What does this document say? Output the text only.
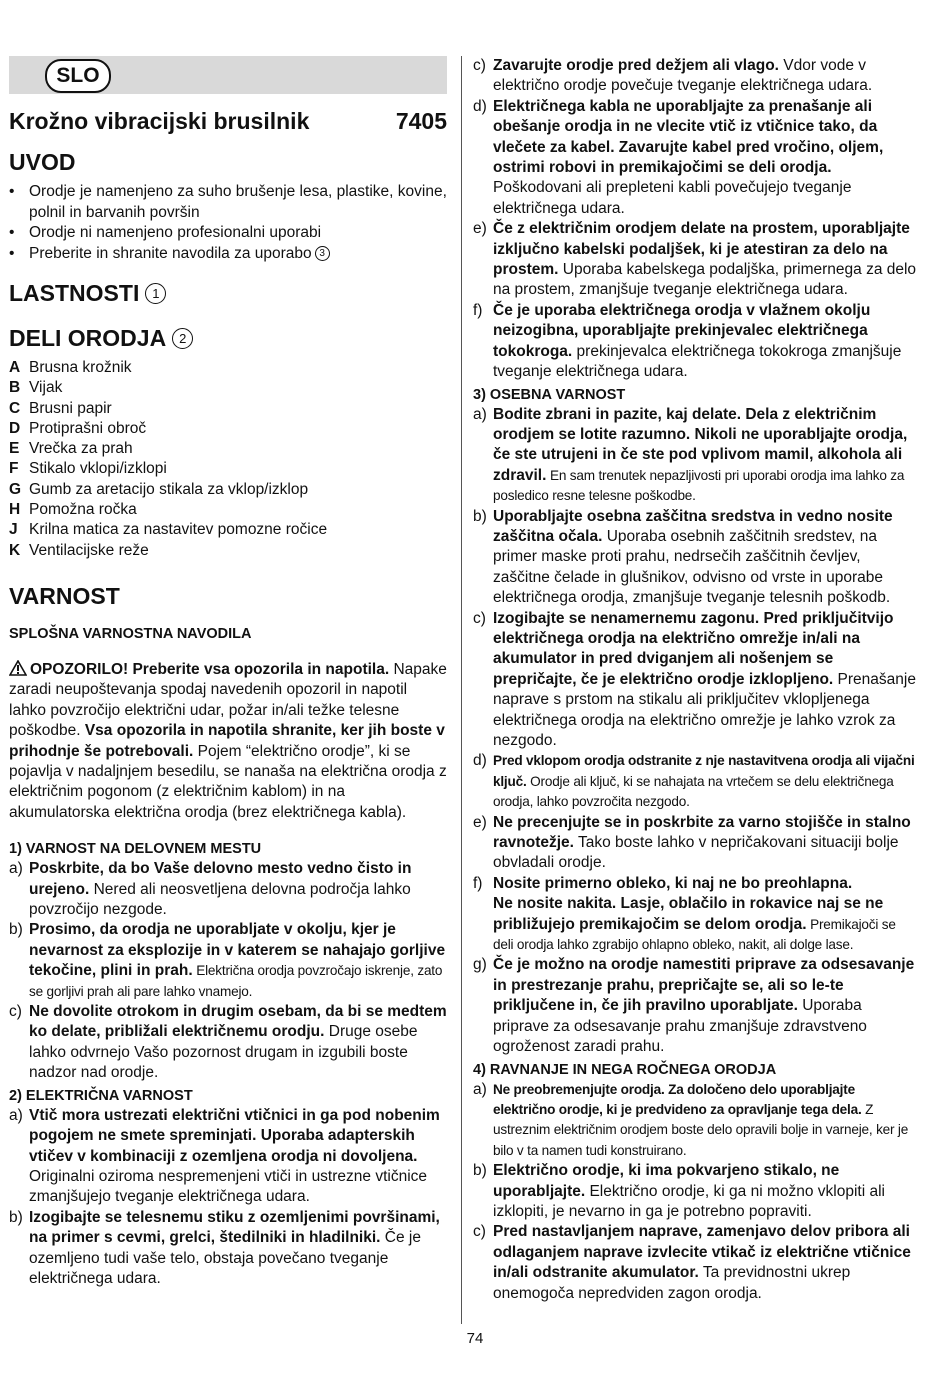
SLO
Krožno vibracijski brusilnik	7405
UVOD
• Orodje je namenjeno za suho brušenje lesa, plastike, kovine, polnil in barvanih površin
• Orodje ni namenjeno profesionalni uporabi
• Preberite in shranite navodila za uporabo 3
LASTNOSTI 1
DELI ORODJA 2
A Brusna krožnik
B Vijak
C Brusni papir
D Protiprašni obroč
E Vrečka za prah
F Stikalo vklopi/izklopi
G Gumb za aretacijo stikala za vklop/izklop
H Pomožna ročka
J Krilna matica za nastavitev pomozne ročice
K Ventilacijske reže
VARNOST
SPLOŠNA VARNOSTNA NAVODILA
OPOZORILO! Preberite vsa opozorila in napotila. Napake zaradi neupoštevanja spodaj navedenih opozoril in napotil lahko povzročijo električni udar, požar in/ali težke telesne poškodbe. Vsa opozorila in napotila shranite, ker jih boste v prihodnje še potrebovali. Pojem “električno orodje”, ki se pojavlja v nadaljnjem besedilu, se nanaša na električna orodja z električnim pogonom (z električnim kablom) in na akumulatorska električna orodja (brez električnega kabla).
1) VARNOST NA DELOVNEM MESTU
a) Poskrbite, da bo Vaše delovno mesto vedno čisto in urejeno. Nered ali neosvetljena delovna področja lahko povzročijo nezgode.
b) Prosimo, da orodja ne uporabljate v okolju, kjer je nevarnost za eksplozije in v katerem se nahajajo gorljive tekočine, plini in prah. Električna orodja povzročajo iskrenje, zato se gorljivi prah ali pare lahko vnamejo.
c) Ne dovolite otrokom in drugim osebam, da bi se medtem ko delate, približali električnemu orodju. Druge osebe lahko odvrnejo Vašo pozornost drugam in izgubili boste nadzor nad orodje.
2) ELEKTRIČNA VARNOST
a) Vtič mora ustrezati električni vtičnici in ga pod nobenim pogojem ne smete spreminjati. Uporaba adapterskih vtičev v kombinaciji z ozemljena orodja ni dovoljena. Originalni oziroma nespremenjeni vtiči in ustrezne vtičnice zmanjšujejo tveganje električnega udara.
b) Izogibajte se telesnemu stiku z ozemljenimi površinami, na primer s cevmi, grelci, štedilniki in hladilniki. Če je ozemljeno tudi vaše telo, obstaja povečano tveganje električnega udara.
c) Zavarujte orodje pred dežjem ali vlago. Vdor vode v električno orodje povečuje tveganje električnega udara.
d) Električnega kabla ne uporabljajte za prenašanje ali obešanje orodja in ne vlecite vtič iz vtičnice tako, da vlečete za kabel. Zavarujte kabel pred vročino, oljem, ostrimi robovi in premikajočimi se deli orodja. Poškodovani ali prepleteni kabli povečujejo tveganje električnega udara.
e) Če z električnim orodjem delate na prostem, uporabljajte izključno kabelski podaljšek, ki je atestiran za delo na prostem. Uporaba kabelskega podaljška, primernega za delo na prostem, zmanjšuje tveganje električnega udara.
f) Če je uporaba električnega orodja v vlažnem okolju neizogibna, uporabljajte prekinjevalec električnega tokokroga. prekinjevalca električnega tokokroga zmanjšuje tveganje električnega udara.
3) OSEBNA VARNOST
a) Bodite zbrani in pazite, kaj delate. Dela z električnim orodjem se lotite razumno. Nikoli ne uporabljajte orodja, če ste utrujeni in če ste pod vplivom mamil, alkohola ali zdravil. En sam trenutek nepazljivosti pri uporabi orodja ima lahko za posledico resne telesne poškodbe.
b) Uporabljajte osebna zaščitna sredstva in vedno nosite zaščitna očala. Uporaba osebnih zaščitnih sredstev, na primer maske proti prahu, nedrsečih zaščitnih čevljev, zaščitne čelade in glušnikov, odvisno od vrste in uporabe električnega orodja, zmanjšuje tveganje telesnih poškodb.
c) Izogibajte se nenamernemu zagonu. Pred priključitvijo električnega orodja na električno omrežje in/ali na akumulator in pred dviganjem ali nošenjem se prepričajte, če je električno orodje izklopljeno. Prenašanje naprave s prstom na stikalu ali priključitev vklopljenega električnega orodja na električno omrežje je lahko vzrok za nezgodo.
d) Pred vklopom orodja odstranite z nje nastavitvena orodja ali vijačni ključ. Orodje ali ključ, ki se nahajata na vrtečem se delu električnega orodja, lahko povzročita nezgodo.
e) Ne precenjujte se in poskrbite za varno stojišče in stalno ravnotežje. Tako boste lahko v nepričakovani situaciji bolje obvladali orodje.
f) Nosite primerno obleko, ki naj ne bo preohlapna.
Ne nosite nakita. Lasje, oblačilo in rokavice naj se ne približujejo premikajočim se delom orodja. Premikajoči se deli orodja lahko zgrabijo ohlapno obleko, nakit, ali dolge lase.
g) Če je možno na orodje namestiti priprave za odsesavanje in prestrezanje prahu, prepričajte se, ali so le-te priključene in, če jih pravilno uporabljate. Uporaba priprave za odsesavanje prahu zmanjšuje zdravstveno ogroženost zaradi prahu.
4) RAVNANJE IN NEGA ROČNEGA ORODJA
a) Ne preobremenjujte orodja. Za določeno delo uporabljajte električno orodje, ki je predvideno za opravljanje tega dela. Z ustreznim električnim orodjem boste delo opravili bolje in varneje, ker je bilo v ta namen tudi konstruirano.
b) Električno orodje, ki ima pokvarjeno stikalo, ne uporabljajte. Električno orodje, ki ga ni možno vklopiti ali izklopiti, je nevarno in ga je potrebno popraviti.
c) Pred nastavljanjem naprave, zamenjavo delov pribora ali odlaganjem naprave izvlecite vtikač iz električne vtičnice in/ali odstranite akumulator. Ta previdnostni ukrep onemogoča nepredviden zagon orodja.
74
